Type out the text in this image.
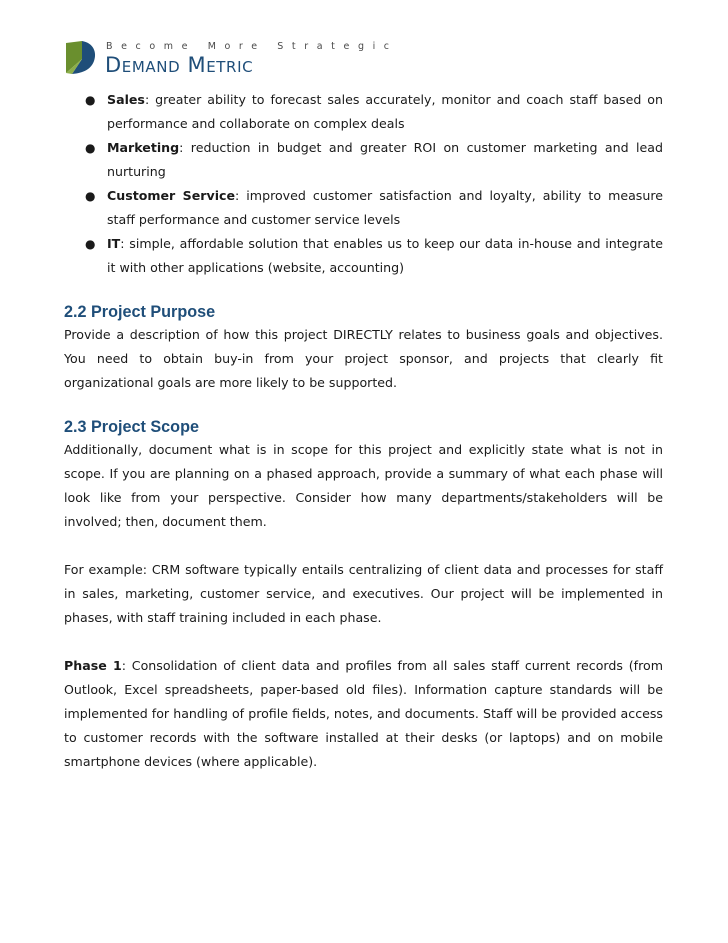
Become More Strategic
Demand Metric
● Sales: greater ability to forecast sales accurately, monitor and coach staff based on performance and collaborate on complex deals
● Marketing: reduction in budget and greater ROI on customer marketing and lead nurturing
● Customer Service: improved customer satisfaction and loyalty, ability to measure staff performance and customer service levels
● IT: simple, affordable solution that enables us to keep our data in-house and integrate it with other applications (website, accounting)
2.2 Project Purpose

Provide a description of how this project DIRECTLY relates to business goals and objectives. You need to obtain buy-in from your project sponsor, and projects that clearly fit organizational goals are more likely to be supported.

2.3 Project Scope

Additionally, document what is in scope for this project and explicitly state what is not in scope. If you are planning on a phased approach, provide a summary of what each phase will look like from your perspective. Consider how many departments/stakeholders will be involved; then, document them.

For example: CRM software typically entails centralizing of client data and processes for staff in sales, marketing, customer service, and executives. Our project will be implemented in phases, with staff training included in each phase.

Phase 1: Consolidation of client data and profiles from all sales staff current records (from Outlook, Excel spreadsheets, paper-based old files). Information capture standards will be implemented for handling of profile fields, notes, and documents. Staff will be provided access to customer records with the software installed at their desks (or laptops) and on mobile smartphone devices (where applicable).
